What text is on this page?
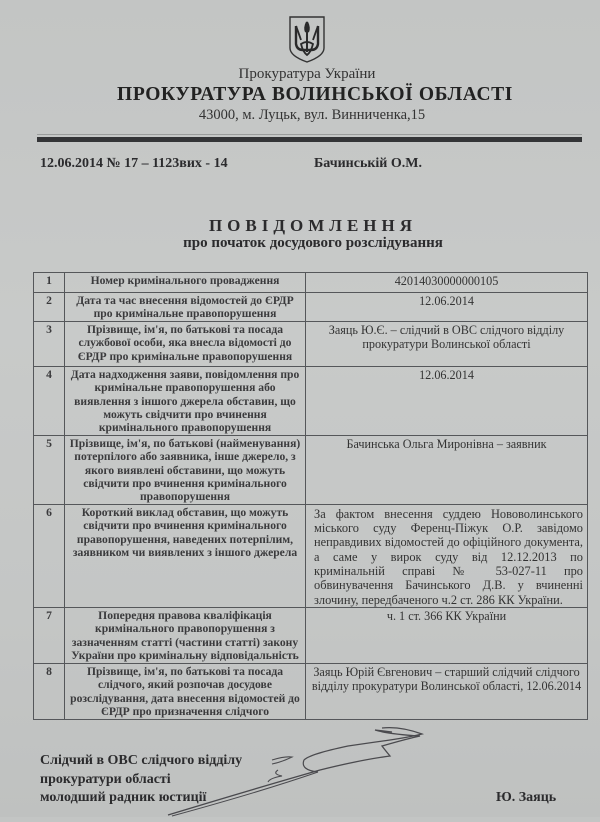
Прокуратура України
ПРОКУРАТУРА ВОЛИНСЬКОЇ ОБЛАСТІ
43000, м. Луцьк, вул. Винниченка,15
12.06.2014 № 17 – 1123вих - 14	Бачинській О.М.
ПОВІДОМЛЕННЯ
про початок досудового розслідування
1	Номер кримінального провадження	42014030000000105
2	Дата та час внесення відомостей до ЄРДР про кримінальне правопорушення	12.06.2014
3	Прізвище, ім'я, по батькові та посада службової особи, яка внесла відомості до ЄРДР про кримінальне правопорушення	Заяць Ю.Є. – слідчий в ОВС слідчого відділу прокуратури Волинської області
4	Дата надходження заяви, повідомлення про кримінальне правопорушення або виявлення з іншого джерела обставин, що можуть свідчити про вчинення кримінального правопорушення	12.06.2014
5	Прізвище, ім'я, по батькові (найменування) потерпілого або заявника, інше джерело, з якого виявлені обставини, що можуть свідчити про вчинення кримінального правопорушення	Бачинська Ольга Миронівна – заявник
6	Короткий виклад обставин, що можуть свідчити про вчинення кримінального правопорушення, наведених потерпілим, заявником чи виявлених з іншого джерела	За фактом внесення суддею Нововолинського міського суду Ференц-Піжук О.Р. завідомо неправдивих відомостей до офіційного документа, а саме у вирок суду від 12.12.2013 по кримінальній справі № 53-027-11 про обвинувачення Бачинського Д.В. у вчиненні злочину, передбаченого ч.2 ст. 286 КК України.
7	Попередня правова кваліфікація кримінального правопорушення з зазначенням статті (частини статті) закону України про кримінальну відповідальність	ч. 1 ст. 366 КК України
8	Прізвище, ім'я, по батькові та посада слідчого, який розпочав досудове розслідування, дата внесення відомостей до ЄРДР про призначення слідчого	Заяць Юрій Євгенович – старший слідчий слідчого відділу прокуратури Волинської області, 12.06.2014
Слідчий в ОВС слідчого відділу
прокуратури області
молодший радник юстиції	Ю. Заяць
